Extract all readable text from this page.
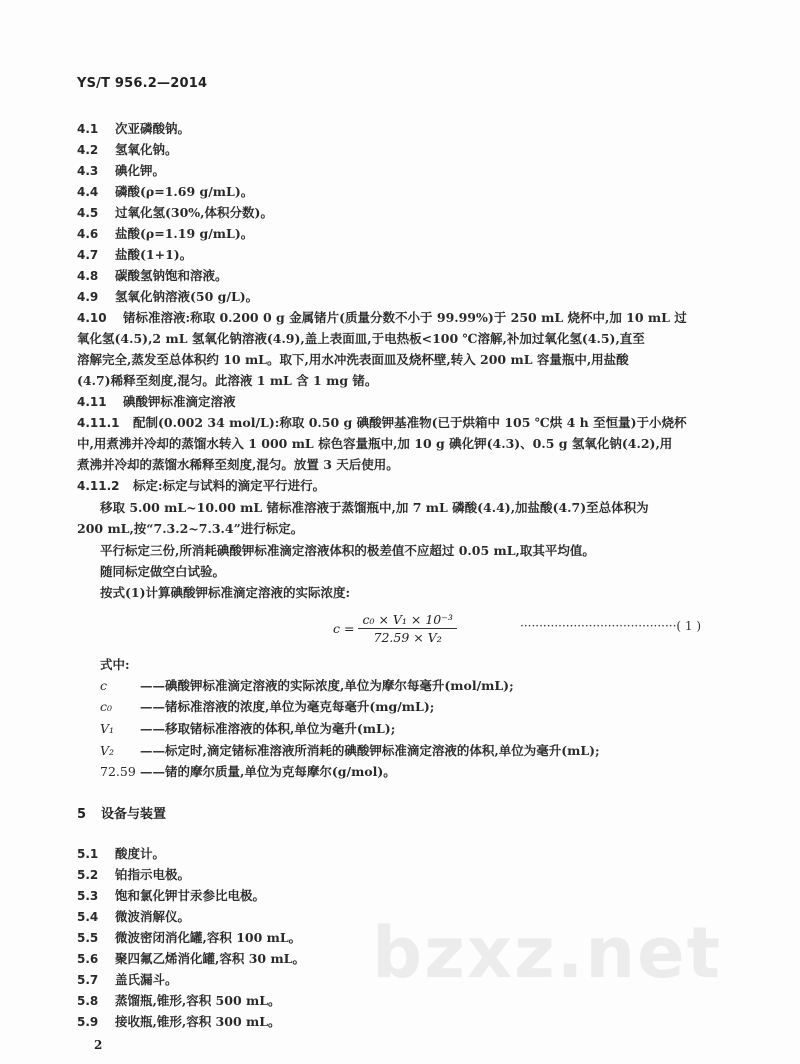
YS/T 956.2—2014
4.1 次亚磷酸钠。
4.2 氢氧化钠。
4.3 碘化钾。
4.4 磷酸(ρ=1.69 g/mL)。
4.5 过氧化氢(30%,体积分数)。
4.6 盐酸(ρ=1.19 g/mL)。
4.7 盐酸(1+1)。
4.8 碳酸氢钠饱和溶液。
4.9 氢氧化钠溶液(50 g/L)。
4.10 锗标准溶液:称取 0.200 0 g 金属锗片(质量分数不小于 99.99%)于 250 mL 烧杯中,加 10 mL 过
氧化氢(4.5),2 mL 氢氧化钠溶液(4.9),盖上表面皿,于电热板<100 ℃溶解,补加过氧化氢(4.5),直至
溶解完全,蒸发至总体积约 10 mL。取下,用水冲洗表面皿及烧杯壁,转入 200 mL 容量瓶中,用盐酸
(4.7)稀释至刻度,混匀。此溶液 1 mL 含 1 mg 锗。
4.11 碘酸钾标准滴定溶液
4.11.1 配制(0.002 34 mol/L):称取 0.50 g 碘酸钾基准物(已于烘箱中 105 ℃烘 4 h 至恒量)于小烧杯
中,用煮沸并冷却的蒸馏水转入 1 000 mL 棕色容量瓶中,加 10 g 碘化钾(4.3)、0.5 g 氢氧化钠(4.2),用
煮沸并冷却的蒸馏水稀释至刻度,混匀。放置 3 天后使用。
4.11.2 标定:标定与试料的滴定平行进行。
移取 5.00 mL~10.00 mL 锗标准溶液于蒸馏瓶中,加 7 mL 磷酸(4.4),加盐酸(4.7)至总体积为
200 mL,按“7.3.2~7.3.4”进行标定。
平行标定三份,所消耗碘酸钾标准滴定溶液体积的极差值不应超过 0.05 mL,取其平均值。
随同标定做空白试验。
按式(1)计算碘酸钾标准滴定溶液的实际浓度:
$c = \frac{\text{c₀ × V₁ × 10⁻³}}{\text{72.59 × V₂}}$	·········································( 1 )
式中:
c	——碘酸钾标准滴定溶液的实际浓度,单位为摩尔每毫升(mol/mL);
c₀ ——锗标准溶液的浓度,单位为毫克每毫升(mg/mL);
V₁ ——移取锗标准溶液的体积,单位为毫升(mL);
V₂ ——标定时,滴定锗标准溶液所消耗的碘酸钾标准滴定溶液的体积,单位为毫升(mL);
72.59 ——锗的摩尔质量,单位为克每摩尔(g/mol)。
5 设备与装置
5.1 酸度计。
5.2 铂指示电极。
5.3 饱和氯化钾甘汞参比电极。
5.4 微波消解仪。
5.5 微波密闭消化罐,容积 100 mL。
5.6 聚四氟乙烯消化罐,容积 30 mL。
5.7 盖氏漏斗。
5.8 蒸馏瓶,锥形,容积 500 mL。
5.9 接收瓶,锥形,容积 300 mL。
bzxz.net
2
